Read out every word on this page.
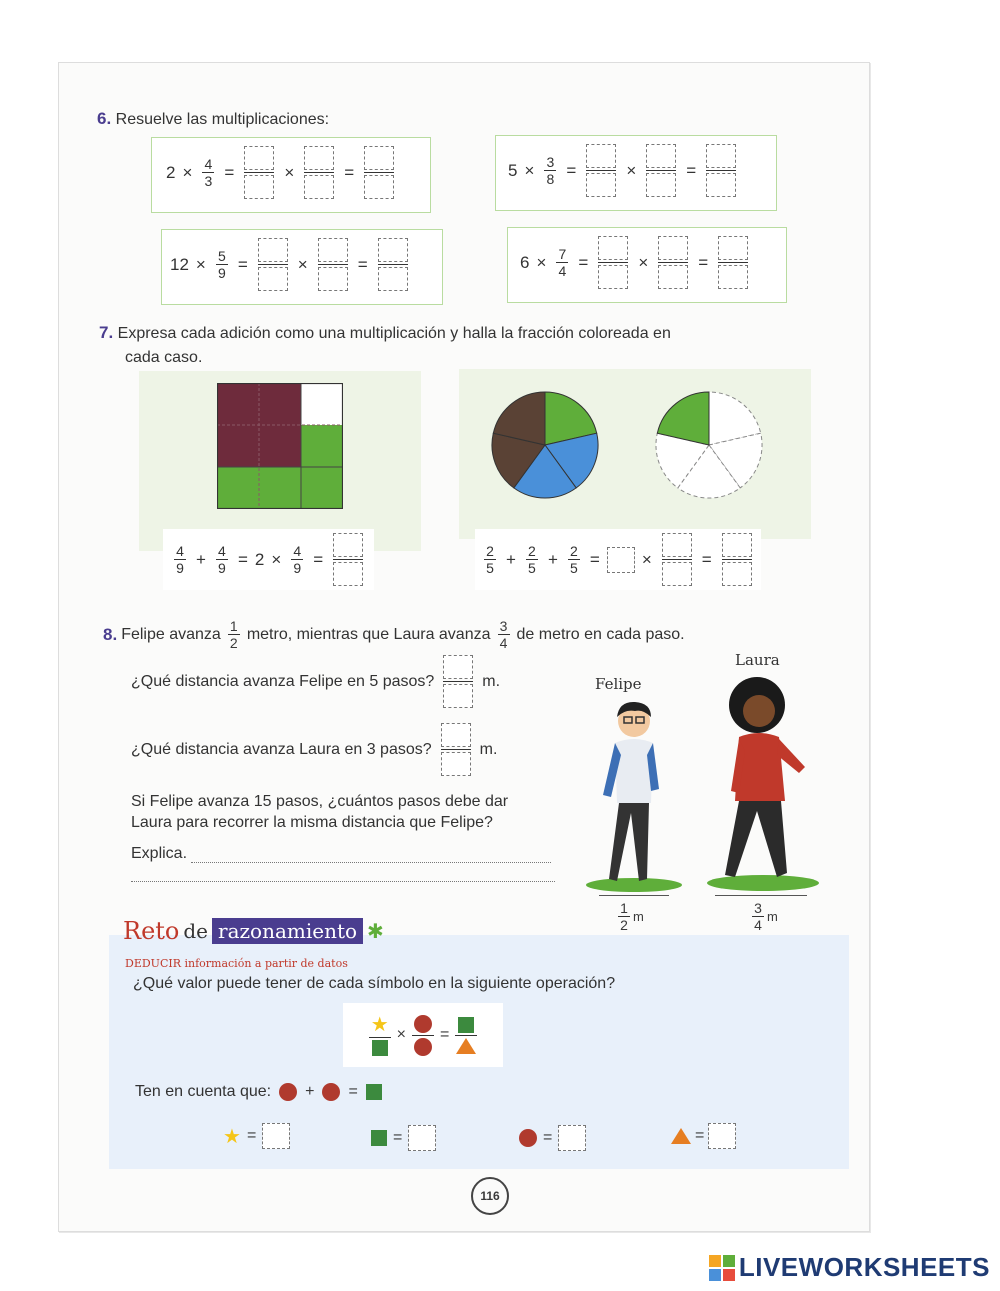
6. Resuelve las multiplicaciones:
$2 \times \frac{4}{3}$ =	×	=	$5 \times \frac{3}{8}$ =	×	=
$12 \times \frac{5}{9}$ =	×	=	$6 \times \frac{7}{4}$ =	×	=
7. Expresa cada adición como una multiplicación y halla la fracción coloreada en
cada caso.
$\frac{4}{9} + \frac{4}{9} = 2 \times \frac{4}{9}$ =	$\frac{2}{5} + \frac{2}{5} + \frac{2}{5}$ = ×	=
8. Felipe avanza $\frac{1}{2}$ metro, mientras que Laura avanza $\frac{3}{4}$ de metro en cada paso.
¿Qué distancia avanza Felipe en 5 pasos?	m.
¿Qué distancia avanza Laura en 3 pasos?	m.
Si Felipe avanza 15 pasos, ¿cuántos pasos debe dar
Laura para recorrer la misma distancia que Felipe?
Explica.
Felipe
Laura
$\frac{1}{2}$ m	$\frac{3}{4}$ m
Reto de razonamiento ✱
DEDUCIR información a partir de datos
¿Qué valor puede tener de cada símbolo en la siguiente operación?
★ × =
Ten en cuenta que: + =
★ =	=	=	=
116
LIVEWORKSHEETS
